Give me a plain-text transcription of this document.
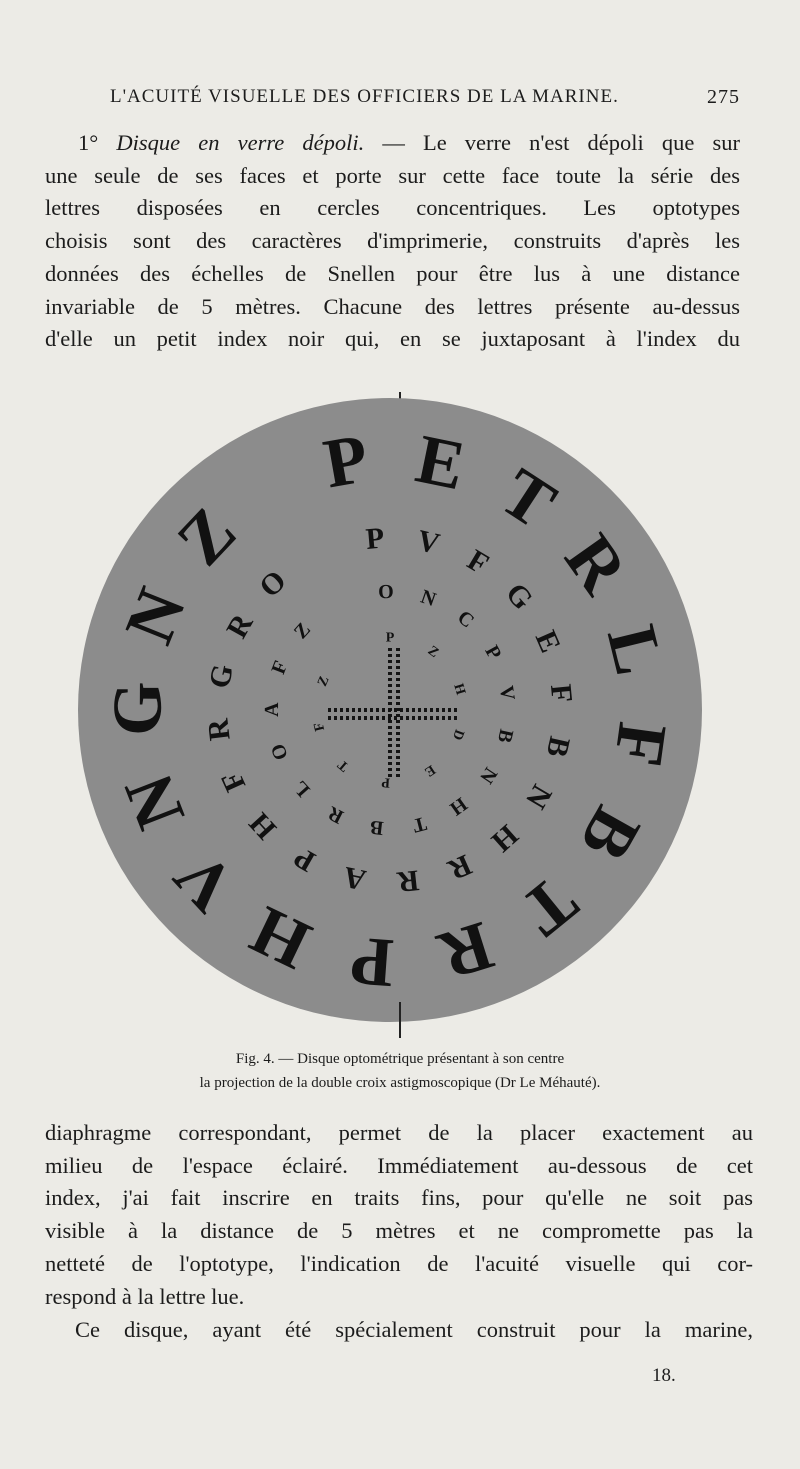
L'ACUITÉ VISUELLE DES OFFICIERS DE LA MARINE.	275
1° Disque en verre dépoli. — Le verre n'est dépoli que sur
une seule de ses faces et porte sur cette face toute la série des
lettres disposées en cercles concentriques. Les optotypes
choisis sont des caractères d'imprimerie, construits d'après les
données des échelles de Snellen pour être lus à une distance
invariable de 5 mètres. Chacune des lettres présente au-dessus
d'elle un petit index noir qui, en se juxtaposant à l'index du
P E T
R
L
F
B
T
R
P
H
V
N
G
N
Z	P V
F
G
E
F
B
N
H
R
R
A
P
H
F
R
G
R
O	O N
C
P
V
B
N
H
T
B
R
L
O
A
F
Z	P
Z
H
D
E
P
T
F
Z
Fig. 4. — Disque optométrique présentant à son centre
la projection de la double croix astigmoscopique (Dr Le Méhauté).
diaphragme correspondant, permet de la placer exactement au
milieu de l'espace éclairé. Immédiatement au-dessous de cet
index, j'ai fait inscrire en traits fins, pour qu'elle ne soit pas
visible à la distance de 5 mètres et ne compromette pas la
netteté de l'optotype, l'indication de l'acuité visuelle qui cor-
respond à la lettre lue.
Ce disque, ayant été spécialement construit pour la marine,
18.
